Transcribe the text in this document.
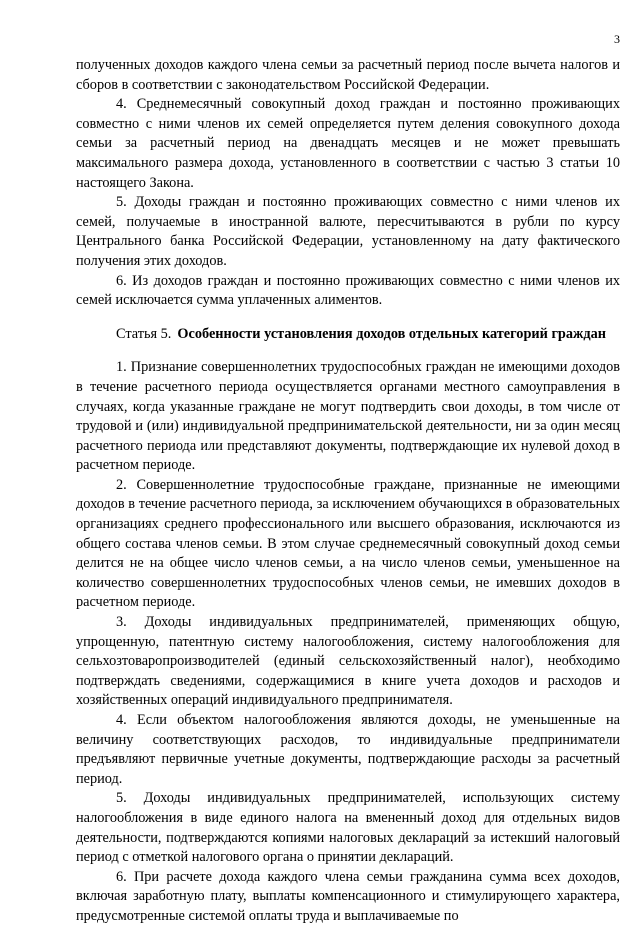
3

полученных доходов каждого члена семьи за расчетный период после вычета налогов и сборов в соответствии с законодательством Российской Федерации.

4. Среднемесячный совокупный доход граждан и постоянно проживающих совместно с ними членов их семей определяется путем деления совокупного дохода семьи за расчетный период на двенадцать месяцев и не может превышать максимального размера дохода, установленного в соответствии с частью 3 статьи 10 настоящего Закона.

5. Доходы граждан и постоянно проживающих совместно с ними членов их семей, получаемые в иностранной валюте, пересчитываются в рубли по курсу Центрального банка Российской Федерации, установленному на дату фактического получения этих доходов.

6. Из доходов граждан и постоянно проживающих совместно с ними членов их семей исключается сумма уплаченных алиментов.

Статья 5. Особенности установления доходов отдельных категорий граждан

1. Признание совершеннолетних трудоспособных граждан не имеющими доходов в течение расчетного периода осуществляется органами местного самоуправления в случаях, когда указанные граждане не могут подтвердить свои доходы, в том числе от трудовой и (или) индивидуальной предпринимательской деятельности, ни за один месяц расчетного периода или представляют документы, подтверждающие их нулевой доход в расчетном периоде.

2. Совершеннолетние трудоспособные граждане, признанные не имеющими доходов в течение расчетного периода, за исключением обучающихся в образовательных организациях среднего профессионального или высшего образования, исключаются из общего состава членов семьи. В этом случае среднемесячный совокупный доход семьи делится не на общее число членов семьи, а на число членов семьи, уменьшенное на количество совершеннолетних трудоспособных членов семьи, не имевших доходов в расчетном периоде.

3. Доходы индивидуальных предпринимателей, применяющих общую, упрощенную, патентную систему налогообложения, систему налогообложения для сельхозтоваропроизводителей (единый сельскохозяйственный налог), необходимо подтверждать сведениями, содержащимися в книге учета доходов и расходов и хозяйственных операций индивидуального предпринимателя.

4. Если объектом налогообложения являются доходы, не уменьшенные на величину соответствующих расходов, то индивидуальные предприниматели предъявляют первичные учетные документы, подтверждающие расходы за расчетный период.

5. Доходы индивидуальных предпринимателей, использующих систему налогообложения в виде единого налога на вмененный доход для отдельных видов деятельности, подтверждаются копиями налоговых деклараций за истекший налоговый период с отметкой налогового органа о принятии деклараций.

6. При расчете дохода каждого члена семьи гражданина сумма всех доходов, включая заработную плату, выплаты компенсационного и стимулирующего характера, предусмотренные системой оплаты труда и выплачиваемые по
